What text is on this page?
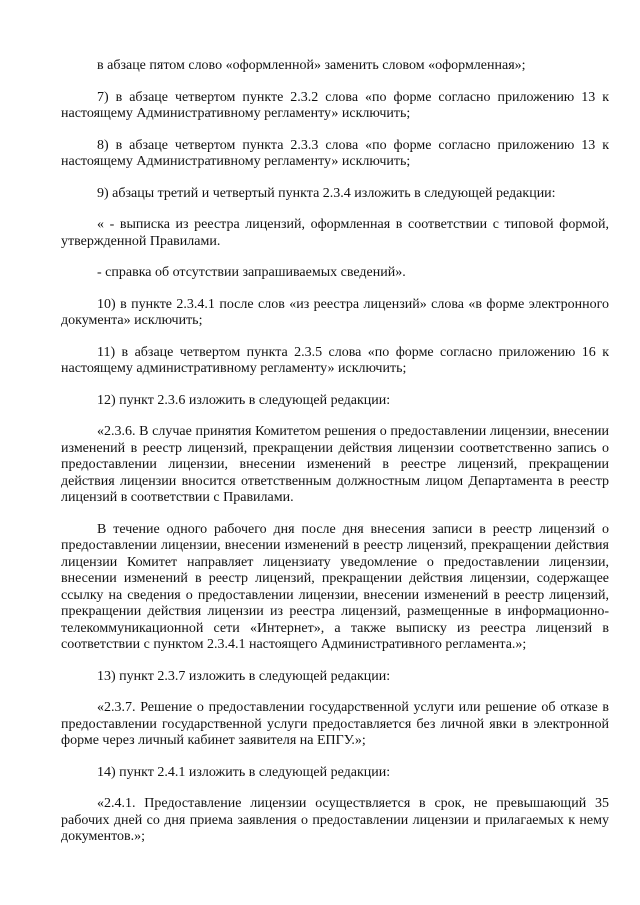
в абзаце пятом слово «оформленной» заменить словом «оформленная»;

7) в абзаце четвертом пункте 2.3.2 слова «по форме согласно приложению 13 к настоящему Административному регламенту» исключить;

8) в абзаце четвертом пункта 2.3.3 слова «по форме согласно приложению 13 к настоящему Административному регламенту» исключить;

9) абзацы третий и четвертый пункта 2.3.4 изложить в следующей редакции:

« - выписка из реестра лицензий, оформленная в соответствии с типовой формой, утвержденной Правилами.

- справка об отсутствии запрашиваемых сведений».

10) в пункте 2.3.4.1 после слов «из реестра лицензий» слова «в форме электронного документа» исключить;

11) в абзаце четвертом пункта 2.3.5 слова «по форме согласно приложению 16 к настоящему административному регламенту» исключить;

12) пункт 2.3.6 изложить в следующей редакции:

«2.3.6. В случае принятия Комитетом решения о предоставлении лицензии, внесении изменений в реестр лицензий, прекращении действия лицензии соответственно запись о предоставлении лицензии, внесении изменений в реестре лицензий, прекращении действия лицензии вносится ответственным должностным лицом Департамента в реестр лицензий в соответствии с Правилами.

В течение одного рабочего дня после дня внесения записи в реестр лицензий о предоставлении лицензии, внесении изменений в реестр лицензий, прекращении действия лицензии Комитет направляет лицензиату уведомление о предоставлении лицензии, внесении изменений в реестр лицензий, прекращении действия лицензии, содержащее ссылку на сведения о предоставлении лицензии, внесении изменений в реестр лицензий, прекращении действия лицензии из реестра лицензий, размещенные в информационно-телекоммуникационной сети «Интернет», а также выписку из реестра лицензий в соответствии с пунктом 2.3.4.1 настоящего Административного регламента.»;

13) пункт 2.3.7 изложить в следующей редакции:

«2.3.7. Решение о предоставлении государственной услуги или решение об отказе в предоставлении государственной услуги предоставляется без личной явки в электронной форме через личный кабинет заявителя на ЕПГУ.»;

14) пункт 2.4.1 изложить в следующей редакции:

«2.4.1. Предоставление лицензии осуществляется в срок, не превышающий 35 рабочих дней со дня приема заявления о предоставлении лицензии и прилагаемых к нему документов.»;
